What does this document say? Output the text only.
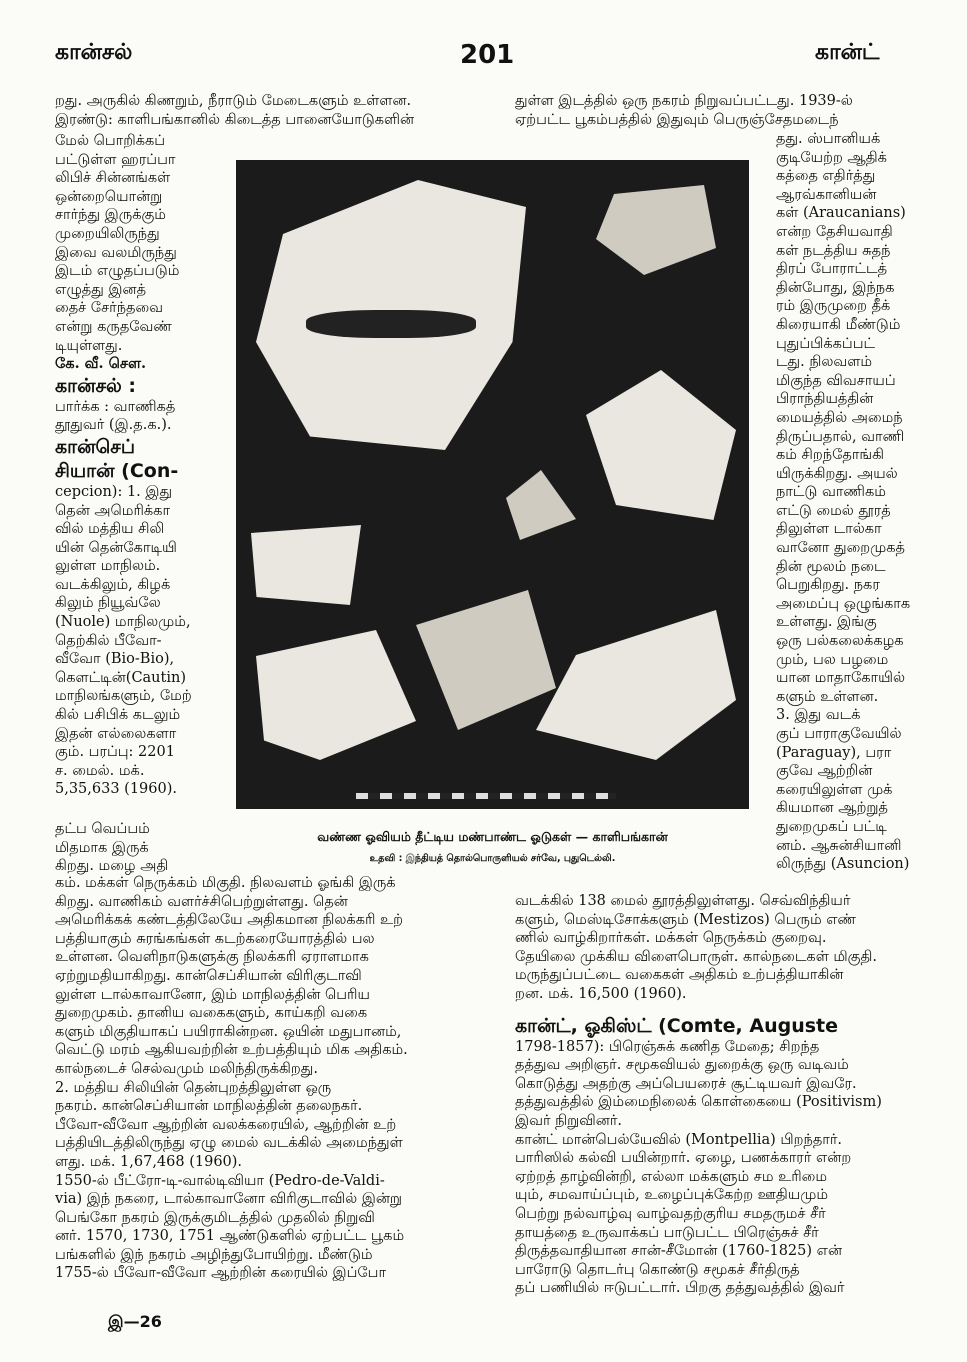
கான்சல்	201	கான்ட்
றது. அருகில் கிணறும், நீராடும் மேடைகளும் உள்ளன.
இரண்டு: காளிபங்கானில் கிடைத்த பானையோடுகளின்
மேல் பொறிக்கப்
பட்டுள்ள ஹரப்பா
லிபிச் சின்னங்கள்
ஒன்றையொன்று
சார்ந்து இருக்கும்
முறையிலிருந்து
இவை வலமிருந்து
இடம் எழுதப்படும்
எழுத்து இனத்
தைச் சேர்ந்தவை
என்று கருதவேண்
டியுள்ளது.
கே. வீ. செள.
கான்சல் :
பார்க்க : வாணிகத்
தூதுவர் (இ.த.க.).
கான்செப்
சியான் (Con-
cepcion): 1. இது
தென் அமெரிக்கா
வில் மத்திய சிலி
யின் தென்கோடியி
லுள்ள மாநிலம்.
வடக்கிலும், கிழக்
கிலும் நியூவ்லே
(Nuole) மாநிலமும்,
தெற்கில் பீவோ-
வீவோ (Bio-Bio),
கௌட்டின்(Cautin)
மாநிலங்களும், மேற்
கில் பசிபிக் கடலும்
இதன் எல்லைகளா
கும். பரப்பு: 2201
ச. மைல். மக்.
5,35,633 (1960).
தட்ப வெப்பம்
மிதமாக இருக்
கிறது. மழை அதி
கம். மக்கள் நெருக்கம் மிகுதி. நிலவளம் ஓங்கி இருக்
கிறது. வாணிகம் வளர்ச்சிபெற்றுள்ளது. தென்
அமெரிக்கக் கண்டத்திலேயே அதிகமான நிலக்கரி உற்
பத்தியாகும் சுரங்கங்கள் கடற்கரையோரத்தில் பல
உள்ளன. வெளிநாடுகளுக்கு நிலக்கரி ஏராளமாக
ஏற்றுமதியாகிறது. கான்செப்சியான் விரிகுடாவி
லுள்ள டால்காவானோ, இம் மாநிலத்தின் பெரிய
துறைமுகம். தானிய வகைகளும், காய்கறி வகை
களும் மிகுதியாகப் பயிராகின்றன. ஒயின் மதுபானம்,
வெட்டு மரம் ஆகியவற்றின் உற்பத்தியும் மிக அதிகம்.
கால்நடைச் செல்வமும் மலிந்திருக்கிறது.
2. மத்திய சிலியின் தென்புறத்திலுள்ள ஒரு
நகரம். கான்செப்சியான் மாநிலத்தின் தலைநகர்.
பீவோ-வீவோ ஆற்றின் வலக்கரையில், ஆற்றின் உற்
பத்தியிடத்திலிருந்து ஏழு மைல் வடக்கில் அமைந்துள்
ளது. மக். 1,67,468 (1960).
1550-ல் பீட்ரோ-டி-வால்டிவியா (Pedro-de-Valdi-
via) இந் நகரை, டால்காவானோ விரிகுடாவில் இன்று
பெங்கோ நகரம் இருக்குமிடத்தில் முதலில் நிறுவி
னர். 1570, 1730, 1751 ஆண்டுகளில் ஏற்பட்ட பூகம்
பங்களில் இந் நகரம் அழிந்துபோயிற்று. மீண்டும்
1755-ல் பீவோ-வீவோ ஆற்றின் கரையில் இப்போ
துள்ள இடத்தில் ஒரு நகரம் நிறுவப்பட்டது. 1939-ல்
ஏற்பட்ட பூகம்பத்தில் இதுவும் பெருஞ்சேதமடைந்
தது. ஸ்பானியக்
குடியேற்ற ஆதிக்
கத்தை எதிர்த்து
ஆரவ்கானியன்
கள் (Araucanians)
என்ற தேசியவாதி
கள் நடத்திய சுதந்
திரப் போராட்டத்
தின்போது, இந்நக
ரம் இருமுறை தீக்
கிரையாகி மீண்டும்
புதுப்பிக்கப்பட்
டது. நிலவளம்
மிகுந்த விவசாயப்
பிராந்தியத்தின்
மையத்தில் அமைந்
திருப்பதால், வாணி
கம் சிறந்தோங்கி
யிருக்கிறது. அயல்
நாட்டு வாணிகம்
எட்டு மைல் தூரத்
திலுள்ள டால்கா
வானோ துறைமுகத்
தின் மூலம் நடை
பெறுகிறது. நகர
அமைப்பு ஒழுங்காக
உள்ளது. இங்கு
ஒரு பல்கலைக்கழக
மும், பல பழமை
யான மாதாகோயில்
களும் உள்ளன.
3. இது வடக்
குப் பாராகுவேயில்
(Paraguay), பரா
குவே ஆற்றின்
கரையிலுள்ள முக்
கியமான ஆற்றுத்
துறைமுகப் பட்டி
னம். ஆசுன்சியானி
லிருந்து (Asuncion)
வடக்கில் 138 மைல் தூரத்திலுள்ளது. செவ்விந்தியர்
களும், மெஸ்டிசோக்களும் (Mestizos) பெரும் எண்
ணில் வாழ்கிறார்கள். மக்கள் நெருக்கம் குறைவு.
தேயிலை முக்கிய விளைபொருள். கால்நடைகள் மிகுதி.
மருந்துப்பட்டை வகைகள் அதிகம் உற்பத்தியாகின்
றன. மக். 16,500 (1960).
கான்ட், ஓகிஸ்ட் (Comte, Auguste
1798-1857): பிரெஞ்சுக் கணித மேதை; சிறந்த
தத்துவ அறிஞர். சமூகவியல் துறைக்கு ஒரு வடிவம்
கொடுத்து அதற்கு அப்பெயரைச் சூட்டியவர் இவரே.
தத்துவத்தில் இம்மைநிலைக் கொள்கையை (Positivism)
இவர் நிறுவினர்.
கான்ட் மான்பெல்யேவில் (Montpellia) பிறந்தார்.
பாரிஸில் கல்வி பயின்றார். ஏழை, பணக்காரர் என்ற
ஏற்றத் தாழ்வின்றி, எல்லா மக்களும் சம உரிமை
யும், சமவாய்ப்பும், உழைப்புக்கேற்ற ஊதியமும்
பெற்று நல்வாழ்வு வாழ்வதற்குரிய சமதருமச் சீர்
தாயத்தை உருவாக்கப் பாடுபட்ட பிரெஞ்சுச் சீர்
திருத்தவாதியான சான்-சீமோன் (1760-1825) என்
பாரோடு தொடர்பு கொண்டு சமூகச் சீர்திருத்
தப் பணியில் ஈடுபட்டார். பிறகு தத்துவத்தில் இவர்
வண்ண ஓவியம் தீட்டிய மண்பாண்ட ஓடுகள் — காளிபங்கான்
உதவி : இந்தியத் தொல்பொருளியல் சர்வே, புதுடெல்லி.
இ—26
